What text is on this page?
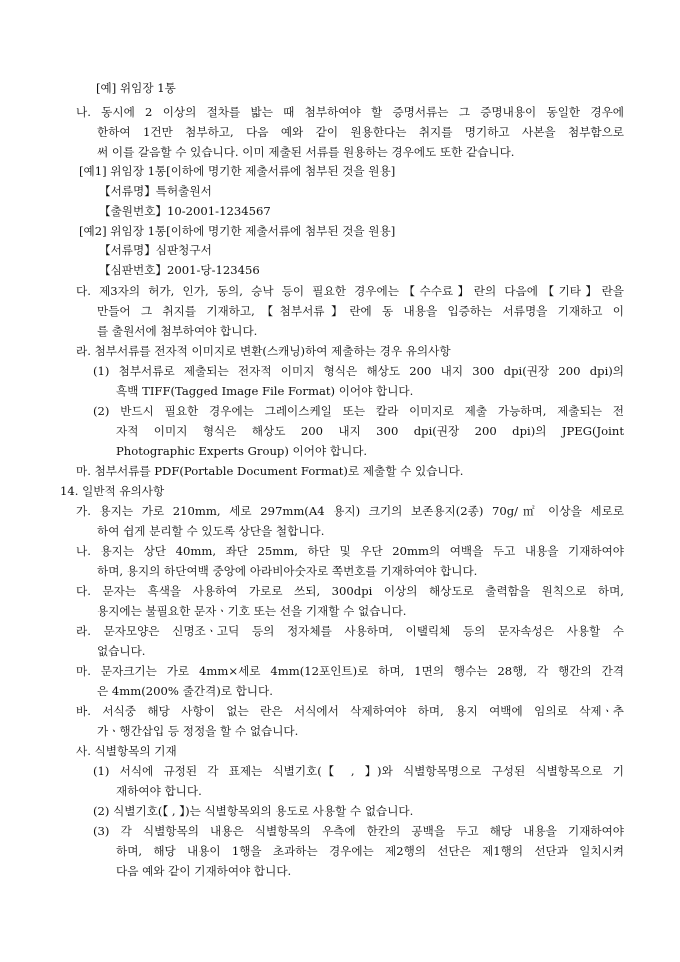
[예] 위임장 1통
나. 동시에 2 이상의 절차를 밟는 때 첨부하여야 할 증명서류는 그 증명내용이 동일한 경우에
한하여 1건만 첨부하고, 다음 예와 같이 원용한다는 취지를 명기하고 사본을 첨부함으로
써 이를 갈음할 수 있습니다. 이미 제출된 서류를 원용하는 경우에도 또한 같습니다.
[예1] 위임장 1통[이하에 명기한 제출서류에 첨부된 것을 원용]
【서류명】특허출원서
【출원번호】10-2001-1234567
[예2] 위임장 1통[이하에 명기한 제출서류에 첨부된 것을 원용]
【서류명】심판청구서
【심판번호】2001-당-123456
다. 제3자의 허가, 인가, 동의, 승낙 등이 필요한 경우에는【수수료】란의 다음에【기타】란을
만들어 그 취지를 기재하고,【첨부서류】란에 동 내용을 입증하는 서류명을 기재하고 이
를 출원서에 첨부하여야 합니다.
라. 첨부서류를 전자적 이미지로 변환(스캐닝)하여 제출하는 경우 유의사항
(1) 첨부서류로 제출되는 전자적 이미지 형식은 해상도 200 내지 300 dpi(권장 200 dpi)의
흑백 TIFF(Tagged Image File Format) 이어야 합니다.
(2) 반드시 필요한 경우에는 그레이스케일 또는 칼라 이미지로 제출 가능하며, 제출되는 전
자적 이미지 형식은 해상도 200 내지 300 dpi(권장 200 dpi)의 JPEG(Joint
Photographic Experts Group) 이어야 합니다.
마. 첨부서류를 PDF(Portable Document Format)로 제출할 수 있습니다.
14. 일반적 유의사항
가. 용지는 가로 210mm, 세로 297mm(A4 용지) 크기의 보존용지(2종) 70g/㎡ 이상을 세로로
하여 쉽게 분리할 수 있도록 상단을 철합니다.
나. 용지는 상단 40mm, 좌단 25mm, 하단 및 우단 20mm의 여백을 두고 내용을 기재하여야
하며, 용지의 하단여백 중앙에 아라비아숫자로 쪽번호를 기재하여야 합니다.
다. 문자는 흑색을 사용하여 가로로 쓰되, 300dpi 이상의 해상도로 출력함을 원칙으로 하며,
용지에는 불필요한 문자ㆍ기호 또는 선을 기재할 수 없습니다.
라. 문자모양은 신명조ㆍ고딕 등의 정자체를 사용하며, 이탤릭체 등의 문자속성은 사용할 수
없습니다.
마. 문자크기는 가로 4mm×세로 4mm(12포인트)로 하며, 1면의 행수는 28행, 각 행간의 간격
은 4mm(200% 줄간격)로 합니다.
바. 서식중 해당 사항이 없는 란은 서식에서 삭제하여야 하며, 용지 여백에 임의로 삭제ㆍ추
가ㆍ행간삽입 등 정정을 할 수 없습니다.
사. 식별항목의 기재
(1) 서식에 규정된 각 표제는 식별기호(【 , 】)와 식별항목명으로 구성된 식별항목으로 기
재하여야 합니다.
(2) 식별기호(【 , 】)는 식별항목외의 용도로 사용할 수 없습니다.
(3) 각 식별항목의 내용은 식별항목의 우측에 한칸의 공백을 두고 해당 내용을 기재하여야
하며, 해당 내용이 1행을 초과하는 경우에는 제2행의 선단은 제1행의 선단과 일치시켜
다음 예와 같이 기재하여야 합니다.
